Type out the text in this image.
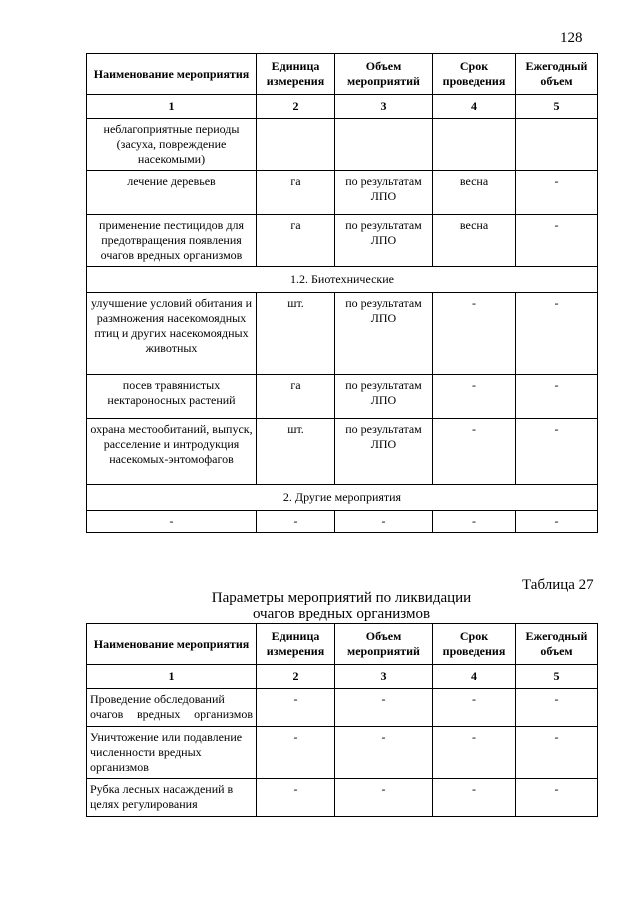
128
Наименование мероприятия	Единица измерения	Объем мероприятий	Срок проведения	Ежегодный объем
1	2	3	4	5
неблагоприятные периоды (засуха, повреждение насекомыми)				
лечение деревьев	га	по результатам ЛПО	весна	-
применение пестицидов для предотвращения появления очагов вредных организмов	га	по результатам ЛПО	весна	-
1.2. Биотехнические				
улучшение условий обитания и размножения насекомоядных птиц и других насекомоядных животных	шт.	по результатам ЛПО	-	-
посев травянистых нектароносных растений	га	по результатам ЛПО	-	-
охрана местообитаний, выпуск, расселение и интродукция насекомых-энтомофагов	шт.	по результатам ЛПО	-	-
2. Другие мероприятия				
-	-	-	-	-
Таблица 27
Параметры мероприятий по ликвидации
очагов вредных организмов
Наименование мероприятия	Единица измерения	Объем мероприятий	Срок проведения	Ежегодный объем
1	2	3	4	5
Проведение обследований очагов вредных организмов	-	-	-	-
Уничтожение или подавление численности вредных организмов	-	-	-	-
Рубка лесных насаждений в целях регулирования	-	-	-	-
